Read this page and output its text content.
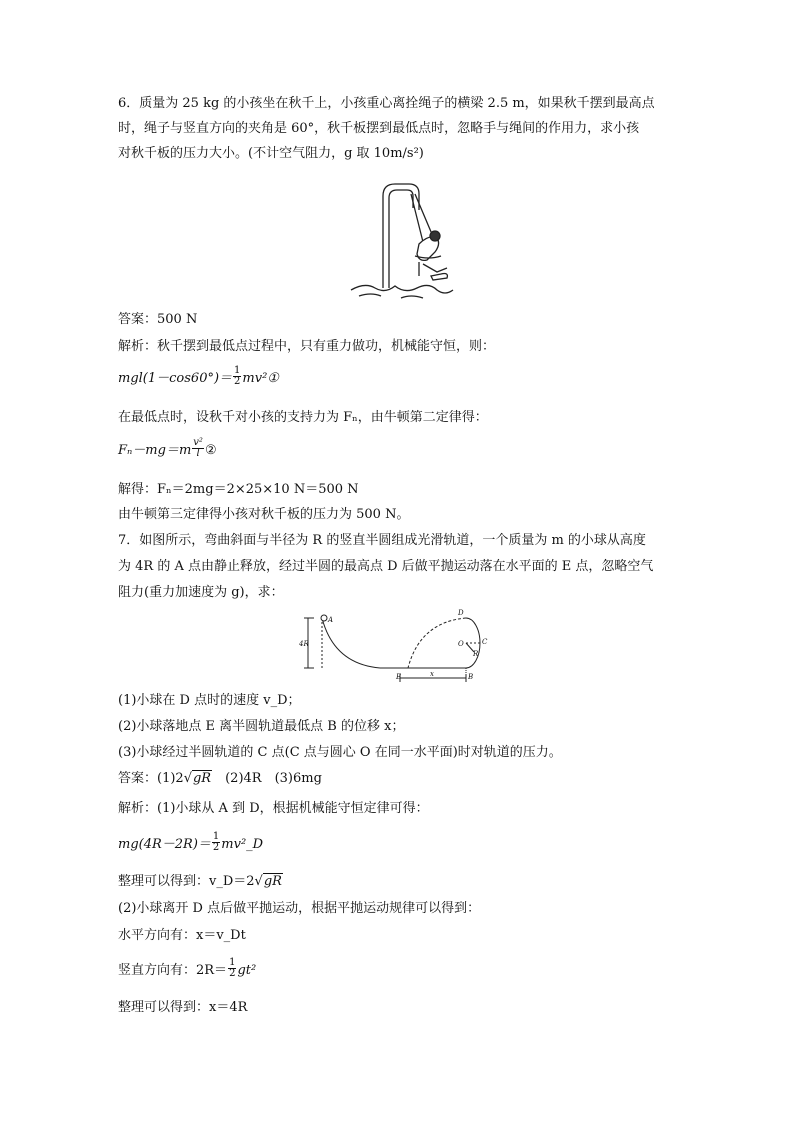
6．质量为 25 kg 的小孩坐在秋千上，小孩重心离拴绳子的横梁 2.5 m，如果秋千摆到最高点
时，绳子与竖直方向的夹角是 60°，秋千板摆到最低点时，忽略手与绳间的作用力，求小孩
对秋千板的压力大小。(不计空气阻力，g 取 10m/s²)
答案：500 N
解析：秋千摆到最低点过程中，只有重力做功，机械能守恒，则：
$mgl(1-\cos 60^\circ)= \frac{1}{2}$ mv²①
在最低点时，设秋千对小孩的支持力为 Fₙ，由牛顿第二定律得：
$F_n-mg=m \frac{\text{v²}}{l}$ ②
解得：Fₙ＝2mg＝2×25×10 N＝500 N
由牛顿第三定律得小孩对秋千板的压力为 500 N。
7．如图所示，弯曲斜面与半径为 R 的竖直半圆组成光滑轨道，一个质量为 m 的小球从高度
为 4R 的 A 点由静止释放，经过半圆的最高点 D 后做平抛运动落在水平面的 E 点，忽略空气
阻力(重力加速度为 g)，求：
4R
A
D
O	C
R
E	x	B
(1)小球在 D 点时的速度 v_D；
(2)小球落地点 E 离半圆轨道最低点 B 的位移 x；
(3)小球经过半圆轨道的 C 点(C 点与圆心 O 在同一水平面)时对轨道的压力。
答案：(1)2√gR　(2)4R　(3)6mg
解析：(1)小球从 A 到 D，根据机械能守恒定律可得：
$mg(4R-2R)= \frac{1}{2}$ mv²_D
整理可以得到：v_D＝2√gR
(2)小球离开 D 点后做平抛运动，根据平抛运动规律可以得到：
水平方向有：x＝v_Dt
竖直方向有：$2R= \frac{1}{2} gt^2$
整理可以得到：x＝4R
